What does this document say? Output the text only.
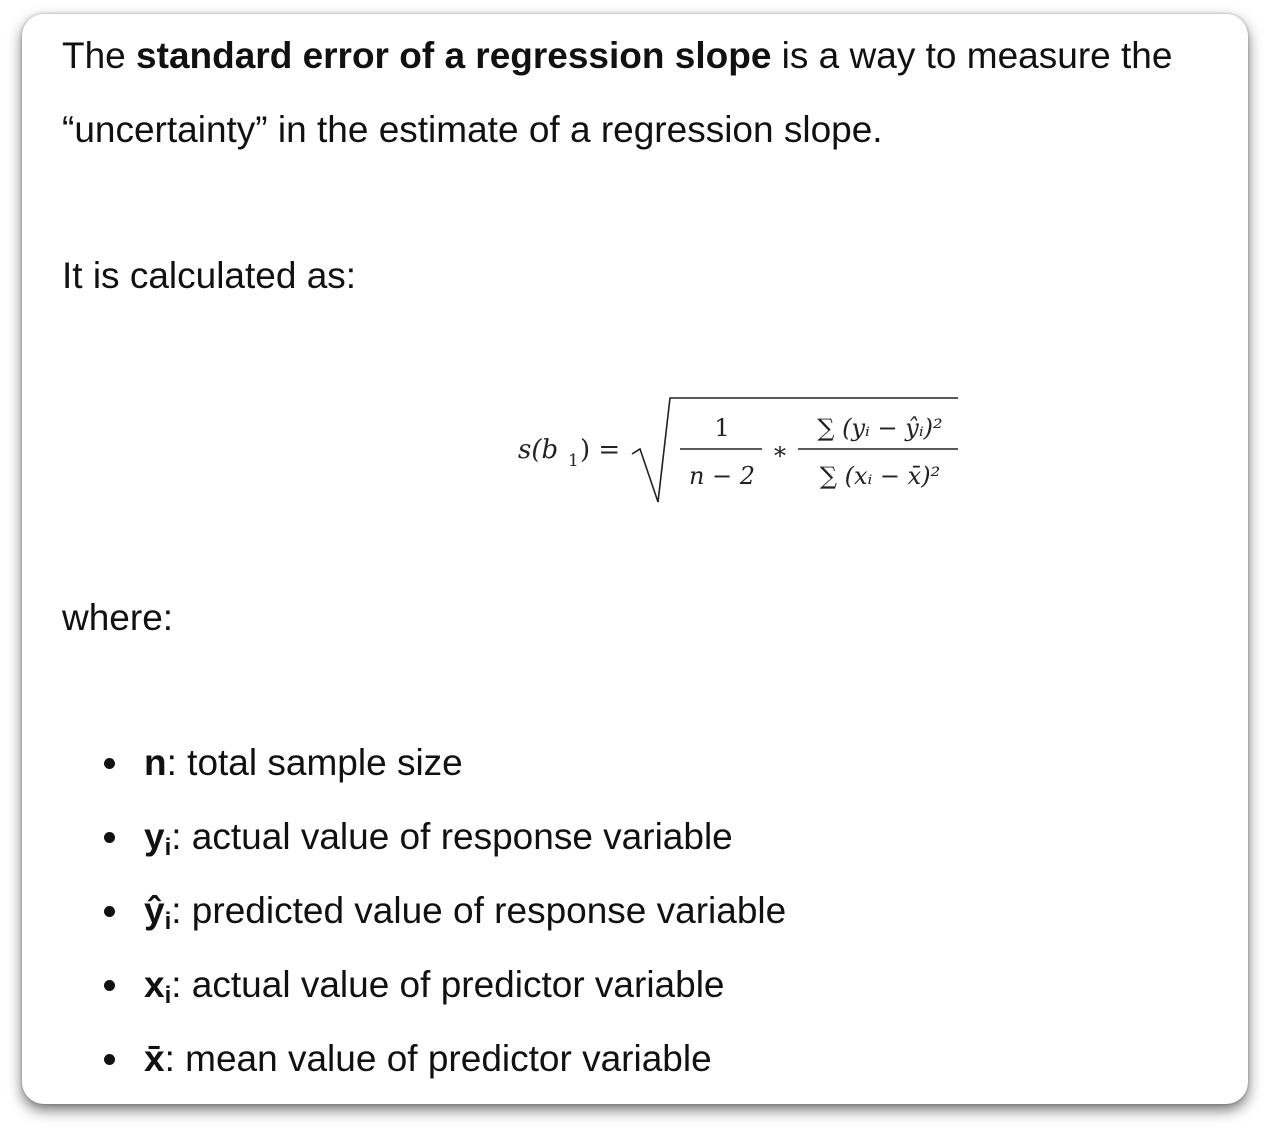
The standard error of a regression slope is a way to measure the “uncertainty” in the estimate of a regression slope.

It is calculated as:

s(b 1 ) =
1
n − 2
*
∑ (yᵢ − ŷᵢ)²
∑ (xᵢ − x̄)²

where:

n: total sample size
$y_i$: actual value of response variable
$ŷ_i$: predicted value of response variable
$x_i$: actual value of predictor variable
x̄: mean value of predictor variable
